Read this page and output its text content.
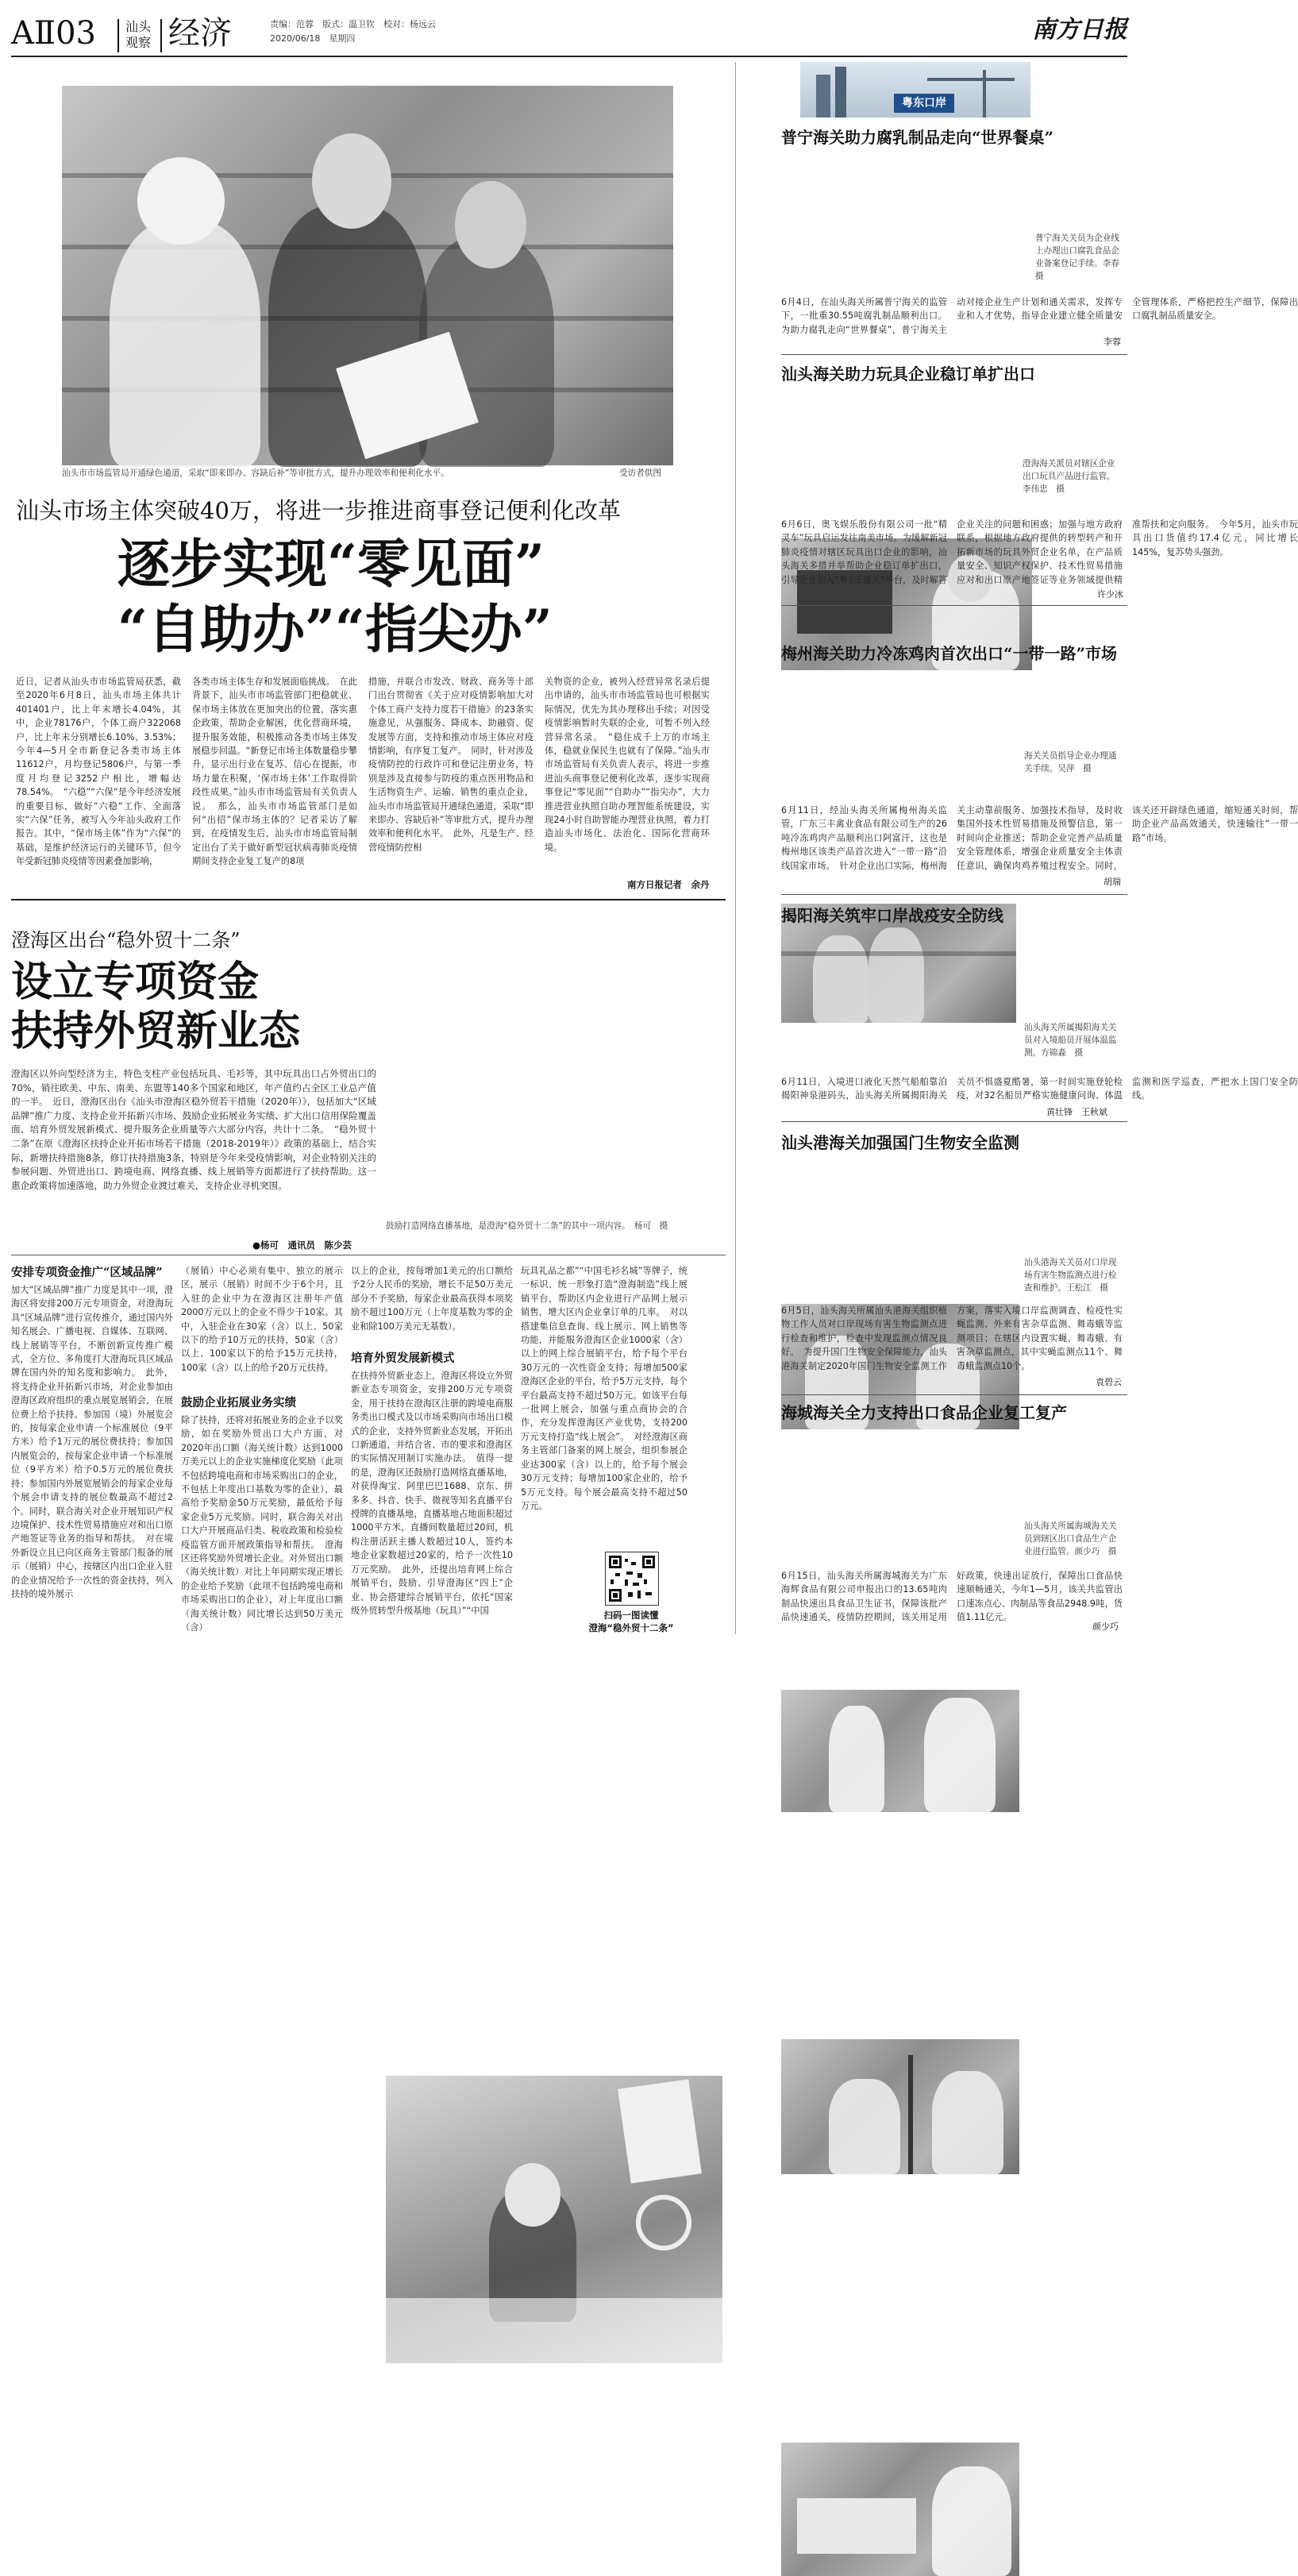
AⅡ03 汕头
观察 经济	责编：范蓉　版式：温卫钦　校对：杨远云
2020/06/18　星期四	南方日报
汕头市市场监管局开通绿色通道，采取“即来即办、容缺后补”等审批方式，提升办理效率和便利化水平。	受访者供图
汕头市场主体突破40万，将进一步推进商事登记便利化改革
逐步实现“零见面”
“自助办”“指尖办”
近日，记者从汕头市市场监管局获悉，截至2020年6月8日，汕头市场主体共计401401户，比上年末增长4.04%，其中，企业78176户，个体工商户322068户，比上年末分别增长6.10%、3.53%；今年4—5月全市新登记各类市场主体11612户，月均登记5806户，与第一季度月均登记3252户相比，增幅达78.54%。　“六稳”“六保”是今年经济发展的重要目标，做好“六稳”工作、全面落实“六保”任务，被写入今年汕头政府工作报告。其中，“保市场主体”作为“六保”的基础，是维护经济运行的关键环节，但今年受新冠肺炎疫情等因素叠加影响，
各类市场主体生存和发展面临挑战。　在此背景下，汕头市市场监管部门把稳就业、保市场主体放在更加突出的位置，落实惠企政策，帮助企业解困，优化营商环境，提升服务效能，积极推动各类市场主体发展稳步回温。“新登记市场主体数量稳步攀升，显示出行业在复苏、信心在提振，市场力量在积聚，‘保市场主体’工作取得阶段性成果。”汕头市市场监管局有关负责人说。　那么，汕头市市场监管部门是如何“出招”保市场主体的？记者采访了解到，在疫情发生后，汕头市市场监管局制定出台了关于做好新型冠状病毒肺炎疫情期间支持企业复工复产的8项
措施，并联合市发改、财政、商务等十部门出台贯彻省《关于应对疫情影响加大对个体工商户支持力度若干措施》的23条实施意见，从强服务、降成本、助融资、促发展等方面，支持和推动市场主体应对疫情影响，有序复工复产。　同时，针对涉及疫情防控的行政许可和登记注册业务，特别是涉及直接参与防疫的重点医用物品和生活物资生产、运输、销售的重点企业，汕头市市场监管局开通绿色通道，采取“即来即办、容缺后补”等审批方式，提升办理效率和便利化水平。　此外，凡是生产、经营疫情防控相
关物资的企业，被列入经营异常名录后提出申请的，汕头市市场监管局也可根据实际情况，优先为其办理移出手续；对因受疫情影响暂时失联的企业，可暂不列入经营异常名录。　“稳住成千上万的市场主体，稳就业保民生也就有了保障。”汕头市市场监管局有关负责人表示，将进一步推进汕头商事登记便利化改革，逐步实现商事登记“零见面”“自助办”“指尖办”，大力推进营业执照自助办理智能系统建设，实现24小时自助智能办理营业执照，着力打造汕头市场化、法治化、国际化营商环境。
南方日报记者　余丹
粤东口岸
普宁海关助力腐乳制品走向“世界餐桌”
普宁海关关员为企业线上办理出口腐乳食品企业备案登记手续。李春　摄
6月4日，在汕头海关所属普宁海关的监管下，一批重30.55吨腐乳制品顺利出口。为助力腐乳走向“世界餐桌”，普宁海关主动对接企业生产计划和通关需求，发挥专业和人才优势，指导企业建立健全质量安全管理体系，严格把控生产细节，保障出口腐乳制品质量安全。
李蓉
汕头海关助力玩具企业稳订单扩出口
澄海海关派员对辖区企业出口玩具产品进行监管。李伟忠　摄
6月6日，奥飞娱乐股份有限公司一批“精灵车”玩具启运发往南美市场。为缓解新冠肺炎疫情对辖区玩具出口企业的影响，汕头海关多措并举帮助企业稳订单扩出口，引导企业加入“粤东E通关”平台，及时解答企业关注的问题和困惑；加强与地方政府联系，根据地方政府提供的转型转产和开拓新市场的玩具外贸企业名单，在产品质量安全、知识产权保护、技术性贸易措施应对和出口原产地签证等业务领域提供精准帮扶和定向服务。　今年5月，汕头市玩具出口货值约17.4亿元，同比增长145%，复苏势头强劲。
许少冰
梅州海关助力冷冻鸡肉首次出口“一带一路”市场
海关关员指导企业办理通关手续。吴萍　摄
6月11日，经汕头海关所属梅州海关监管，广东三丰禽业食品有限公司生产的26吨冷冻鸡肉产品顺利出口阿富汗，这也是梅州地区该类产品首次进入“一带一路”沿线国家市场。　针对企业出口实际，梅州海关主动靠前服务、加强技术指导，及时收集国外技术性贸易措施及预警信息，第一时间向企业推送；帮助企业完善产品质量安全管理体系，增强企业质量安全主体责任意识，确保肉鸡养殖过程安全。同时，该关还开辟绿色通道，缩短通关时间，帮助企业产品高效通关，快速输往“一带一路”市场。
胡瑞
揭阳海关筑牢口岸战疫安全防线
汕头海关所属揭阳海关关员对入境船员开展体温监测。方锦淼　摄
6月11日，入境进口液化天然气船舶靠泊揭阳神泉港码头，汕头海关所属揭阳海关关员不惧盛夏酷暑，第一时间实施登轮检疫，对32名船员严格实施健康问询、体温监测和医学巡查，严把水上国门安全防线。
黄壮锋　王秋斌
汕头港海关加强国门生物安全监测
汕头港海关关员对口岸现场有害生物监测点进行检查和维护。王松江　摄
6月5日，汕头海关所属汕头港海关组织植物工作人员对口岸现场有害生物监测点进行检查和维护，检查中发现监测点情况良好。　为提升国门生物安全保障能力，汕头港海关制定2020年国门生物安全监测工作方案，落实入境口岸监测调查、检疫性实蝇监测、外来有害杂草监测、舞毒蛾等监测项目；在辖区内设置实蝇、舞毒蛾、有害杂草监测点，其中实蝇监测点11个、舞毒蛾监测点10个。
袁碧云
海城海关全力支持出口食品企业复工复产
汕头海关所属海城海关关员到辖区出口食品生产企业进行监管。颜少巧　摄
6月15日，汕头海关所属海城海关为广东海辉食品有限公司申报出口的13.65吨肉制品快速出具食品卫生证书，保障该批产品快速通关，疫情防控期间，该关用足用好政策，快速出证放行，保障出口食品快速顺畅通关，今年1—5月，该关共监管出口速冻点心、肉制品等食品2948.9吨，货值1.11亿元。
颜少巧
澄海区出台“稳外贸十二条”
设立专项资金
扶持外贸新业态
澄海区以外向型经济为主，特色支柱产业包括玩具、毛衫等，其中玩具出口占外贸出口的70%，销往欧美、中东、南美、东盟等140多个国家和地区，年产值约占全区工业总产值的一半。　近日，澄海区出台《汕头市澄海区稳外贸若干措施（2020年）》，包括加大“区域品牌”推广力度、支持企业开拓新兴市场、鼓励企业拓展业务实绩、扩大出口信用保险覆盖面、培育外贸发展新模式、提升服务企业质量等六大部分内容，共计十二条。　“稳外贸十二条”在原《澄海区扶持企业开拓市场若干措施（2018-2019年）》政策的基础上，结合实际，新增扶持措施8条，修订扶持措施3条，特别是今年来受疫情影响，对企业特别关注的参展问题、外贸进出口、跨境电商、网络直播、线上展销等方面都进行了扶持帮助。这一惠企政策将加速落地，助力外贸企业渡过难关，支持企业寻机突围。
●杨可　通讯员　陈少芸
鼓励打造网络直播基地，是澄海“稳外贸十二条”的其中一项内容。　杨可　摄
安排专项资金推广“区域品牌”
加大“区域品牌”推广力度是其中一项，澄海区将安排200万元专项资金，对澄海玩具“区域品牌”进行宣传推介，通过国内外知名展会、广播电视、自媒体、互联网、线上展销等平台，不断创新宣传推广模式，全方位、多角度打大澄海玩具区域品牌在国内外的知名度和影响力。　此外，将支持企业开拓新兴市场，对企业参加由澄海区政府组织的重点展览展销会，在展位费上给予扶持。参加国（境）外展览会的，按每家企业申请一个标准展位（9平方米）给予1万元的展位费扶持；参加国内展览会的，按每家企业申请一个标准展位（9平方米）给予0.5万元的展位费扶持；参加国内外展览展销会的每家企业每个展会申请支持的展位数最高不超过2个。同时，联合海关对企业开展知识产权边境保护、技术性贸易措施应对和出口原产地签证等业务的指导和帮扶。　对在境外新设立且已向区商务主管部门报备的展示（展销）中心，按辖区内出口企业入驻的企业情况给予一次性的资金扶持，列入扶持的境外展示
（展销）中心必须有集中、独立的展示区，展示（展销）时间不少于6个月，且入驻的企业中为在澄海区注册年产值2000万元以上的企业不得少于10家。其中，入驻企业在30家（含）以上、50家以下的给予10万元的扶持，50家（含）以上、100家以下的给予15万元扶持，100家（含）以上的给予20万元扶持。
鼓励企业拓展业务实绩
除了扶持，还将对拓展业务的企业予以奖励，如在奖励外贸出口大户方面，对2020年出口额（海关统计数）达到1000万美元以上的企业实施梯度化奖励（此项不包括跨境电商和市场采购出口的企业，不包括上年度出口基数为零的企业），最高给予奖励金50万元奖励，最低给予每家企业5万元奖励。同时，联合海关对出口大户开展商品归类、税收政策和检验检疫监管方面开展政策指导和帮扶。　澄海区还将奖励外贸增长企业。对外贸出口额（海关统计数）对比上年同期实现正增长的企业给予奖励（此项不包括跨境电商和市场采购出口的企业），对上年度出口额（海关统计数）同比增长达到50万美元（含）
以上的企业，按每增加1美元的出口额给予2分人民币的奖励，增长不足50万美元部分不予奖励，每家企业最高获得本项奖励不超过100万元（上年度基数为零的企业和除100万美元无基数）。
培育外贸发展新模式
在扶持外贸新业态上，澄海区将设立外贸新业态专项资金，安排200万元专项资金，用于扶持在澄海区注册的跨境电商服务类出口模式及以市场采购向市场出口模式的企业，支持外贸新业态发展，开拓出口新通道，并结合省、市的要求和澄海区的实际情况用制订实施办法。　值得一提的是，澄海区还鼓励打造网络直播基地，对获得淘宝、阿里巴巴1688、京东、拼多多、抖音、快手、微视等知名直播平台授牌的直播基地，直播基地占地面积超过1000平方米，直播间数量超过20间，机构注册活跃主播人数超过10人，签约本地企业家数超过20家的，给予一次性10万元奖励。　此外，还提出培育网上综合展销平台，鼓励、引导澄海区“四上”企业、协会搭建综合展销平台，依托“国家级外贸转型升级基地（玩具）”“中国
玩具礼品之都”“中国毛衫名城”等牌子，统一标识、统一形象打造“澄海制造”线上展销平台，帮助区内企业进行产品网上展示销售，增大区内企业拿订单的几率。　对以搭建集信息查询、线上展示、网上销售等功能，并能服务澄海区企业1000家（含）以上的网上综合展销平台，给予每个平台30万元的一次性资金支持；每增加500家澄海区企业的平台，给予5万元支持，每个平台最高支持不超过50万元。如该平台每一批网上展会，加强与重点商协会的合作，充分发挥澄海区产业优势，支持200万元支持打造“线上展会”。　对经澄海区商务主管部门备案的网上展会，组织参展企业达300家（含）以上的，给予每个展会30万元支持；每增加100家企业的，给予5万元支持。每个展会最高支持不超过50万元。
扫码一图读懂
澄海“稳外贸十二条”
